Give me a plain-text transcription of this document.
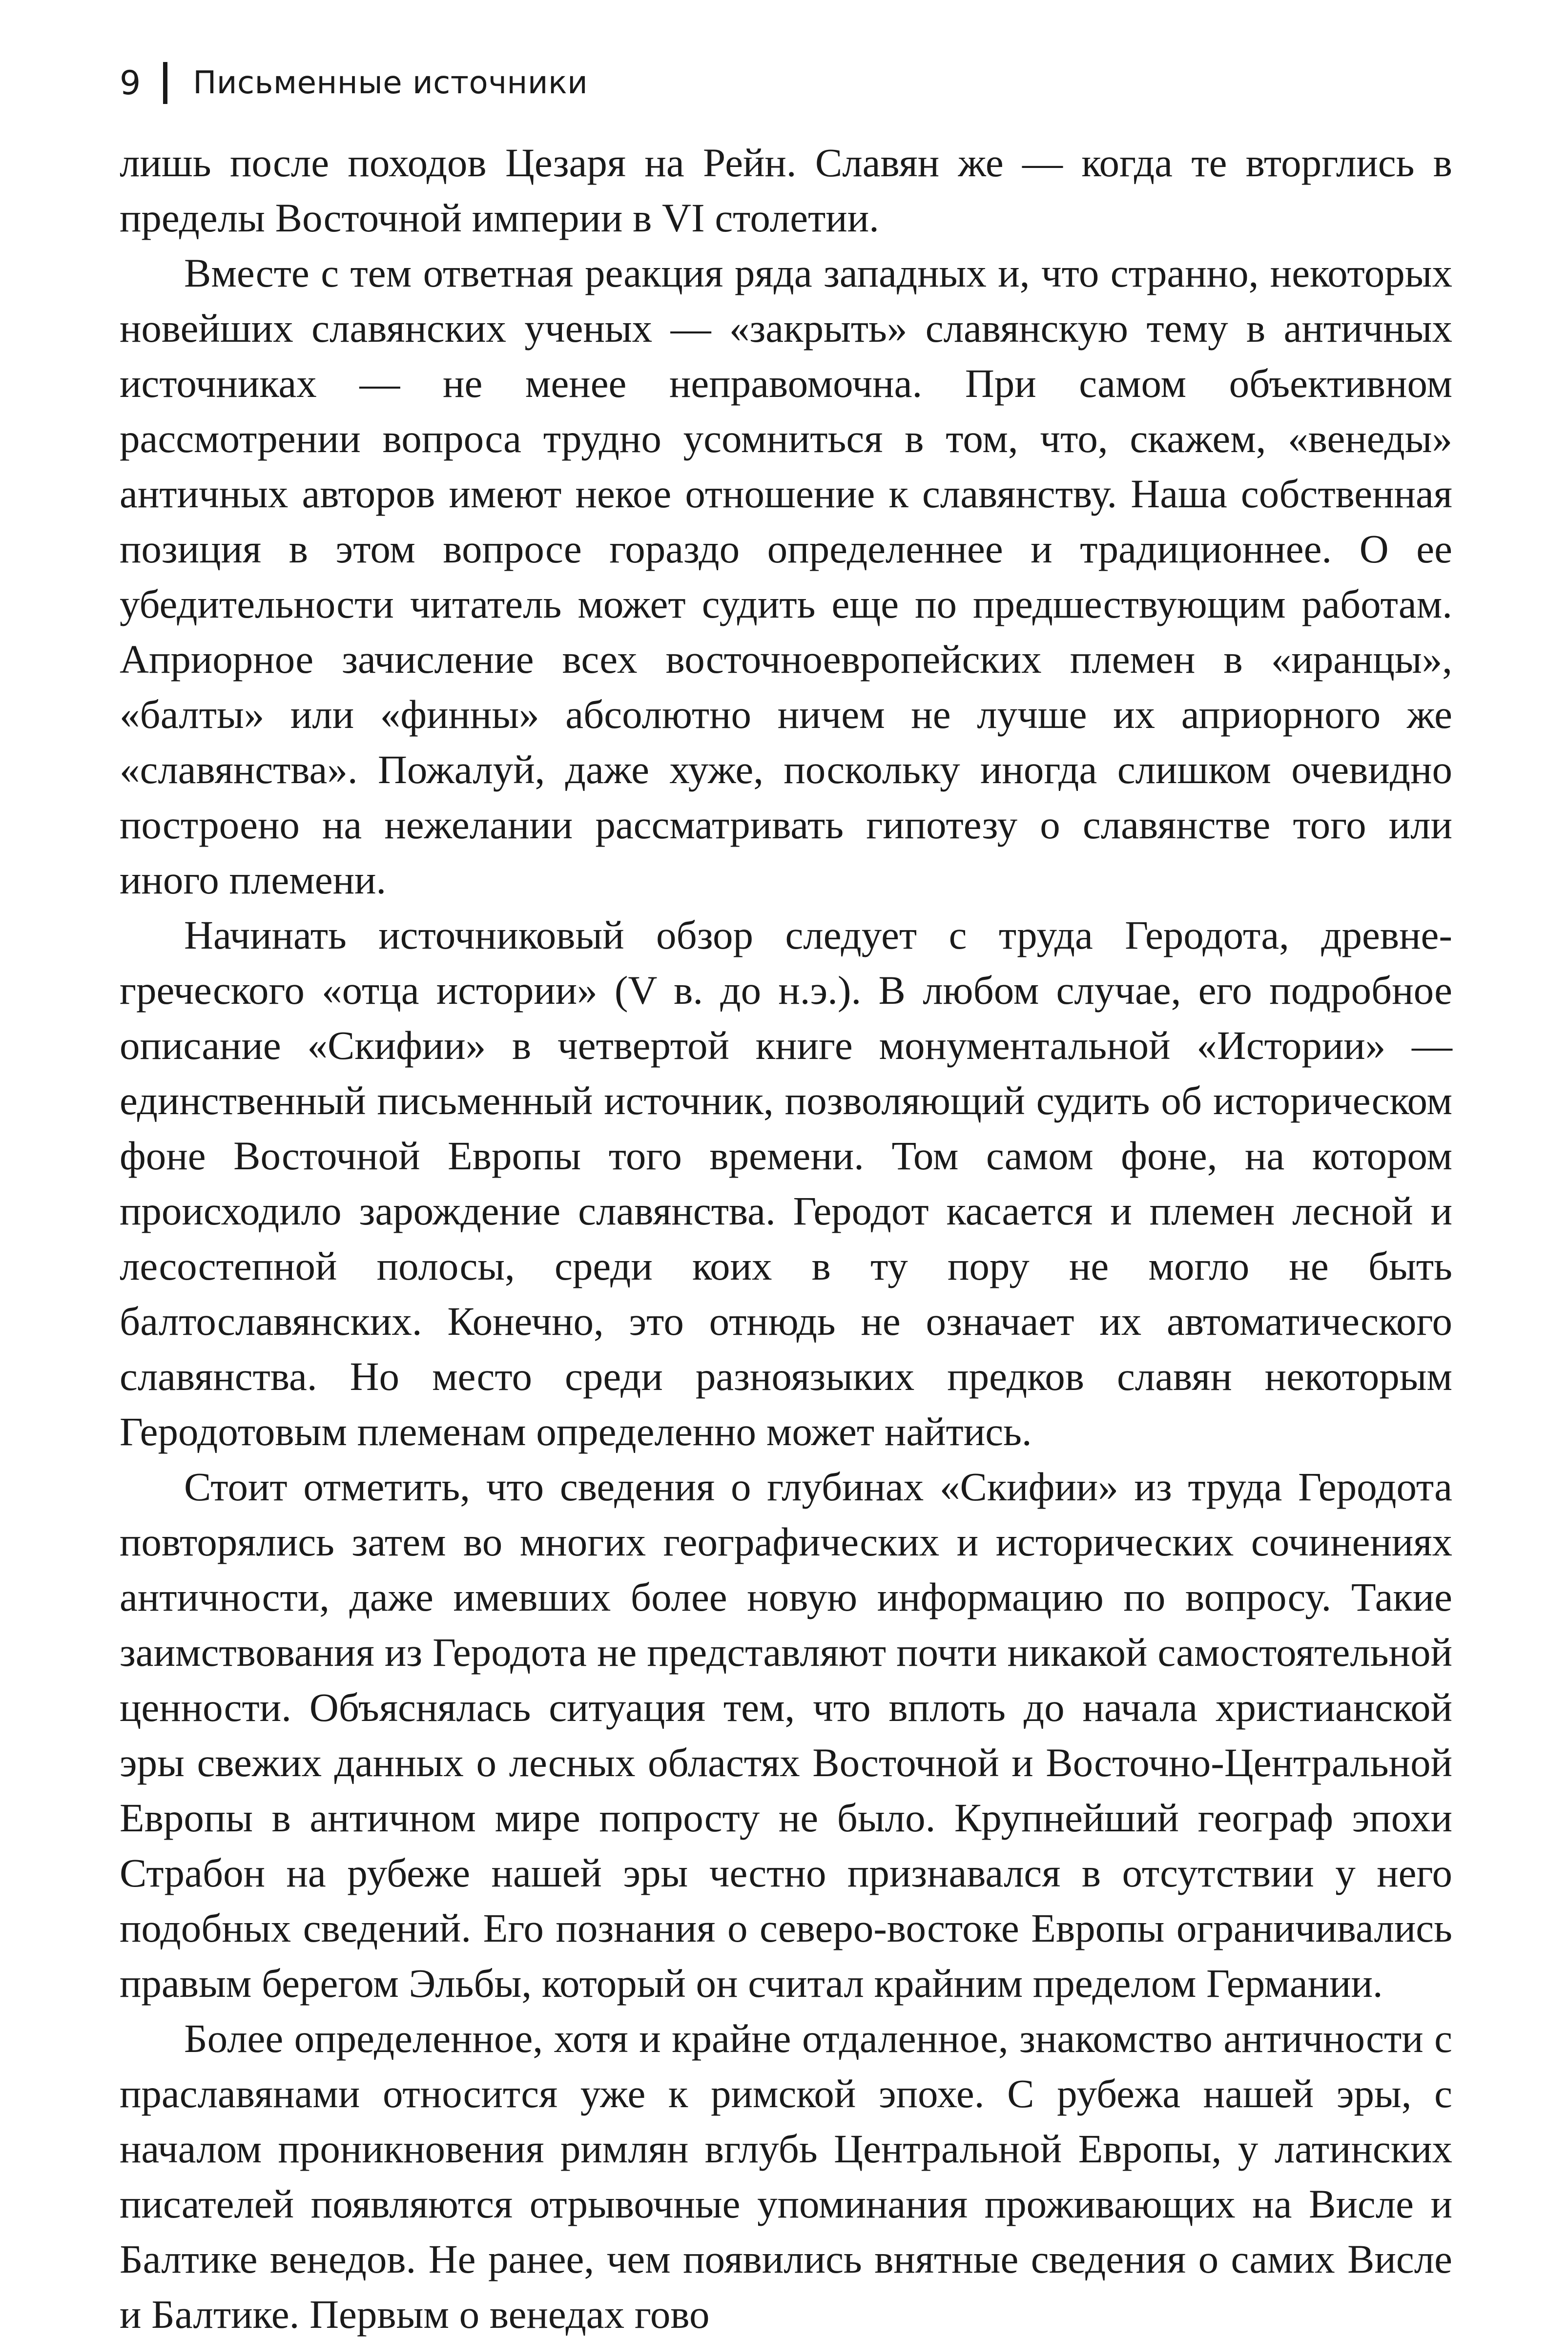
9 Письменные источники

лишь после походов Цезаря на Рейн. Славян же — когда те вторглись в пределы Восточной империи в VI столетии.

Вместе с тем ответная реакция ряда западных и, что странно, некоторых новейших славянских ученых — «закрыть» славянскую тему в античных источниках — не менее неправомочна. При самом объективном рассмотрении вопроса трудно усомниться в том, что, скажем, «венеды» античных авторов имеют некое отношение к славянству. Наша собственная позиция в этом вопросе гораздо определеннее и традиционнее. О ее убедительности читатель может судить еще по предшествующим работам. Априорное зачисление всех восточноевропейских племен в «иранцы», «балты» или «финны» абсолютно ничем не лучше их априорного же «славянства». Пожалуй, даже хуже, поскольку иногда слишком очевидно построено на нежелании рассматривать гипотезу о славянстве того или иного племени.

Начинать источниковый обзор следует с труда Геродота, древнегреческого «отца истории» (V в. до н.э.). В любом случае, его подробное описание «Скифии» в четвертой книге монументальной «Истории» — единственный письменный источник, позволяющий судить об историческом фоне Восточной Европы того времени. Том самом фоне, на котором происходило зарождение славянства. Геродот касается и племен лесной и лесостепной полосы, среди коих в ту пору не могло не быть балтославянских. Конечно, это отнюдь не означает их автоматического славянства. Но место среди разноязыких предков славян некоторым Геродотовым племенам определенно может найтись.

Стоит отметить, что сведения о глубинах «Скифии» из труда Геродота повторялись затем во многих географических и исторических сочинениях античности, даже имевших более новую информацию по вопросу. Такие заимствования из Геродота не представляют почти никакой самостоятельной ценности. Объяснялась ситуация тем, что вплоть до начала христианской эры свежих данных о лесных областях Восточной и Восточно-Центральной Европы в античном мире попросту не было. Крупнейший географ эпохи Страбон на рубеже нашей эры честно признавался в отсутствии у него подобных сведений. Его познания о северо-востоке Европы ограничивались правым берегом Эльбы, который он считал крайним пределом Германии.

Более определенное, хотя и крайне отдаленное, знакомство античности с праславянами относится уже к римской эпохе. С рубежа нашей эры, с началом проникновения римлян вглубь Центральной Европы, у латинских писателей появляются отрывочные упоминания проживающих на Висле и Балтике венедов. Не ранее, чем появились внятные сведения о самих Висле и Балтике. Первым о венедах гово
